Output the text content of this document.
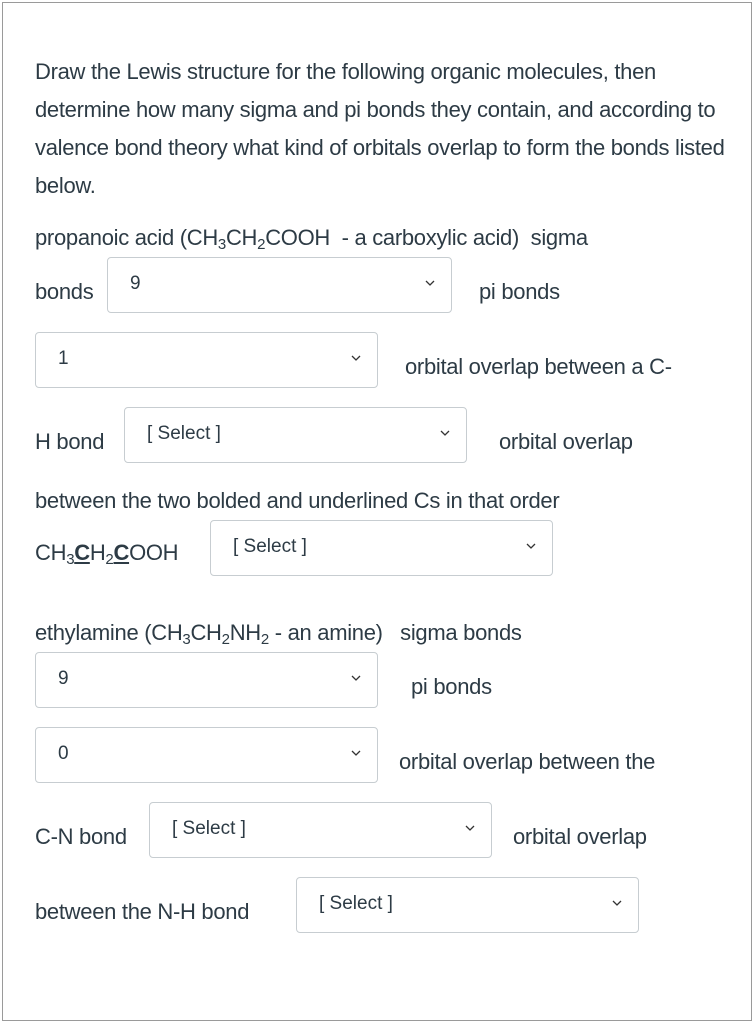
Draw the Lewis structure for the following organic molecules, then determine how many sigma and pi bonds they contain, and according to valence bond theory what kind of orbitals overlap to form the bonds listed below.
propanoic acid ($CH_3CH_2COOH$  - a carboxylic acid)  sigma
bonds 9	pi bonds
1	orbital overlap between a C-
H bond [ Select ]	orbital overlap
between the two bolded and underlined Cs in that order
$CH_3CH_2COOH$	[ Select ]
ethylamine ($CH_3CH_2NH_2$ - an amine)   sigma bonds
9	pi bonds
0	orbital overlap between the
C-N bond [ Select ]	orbital overlap
between the N-H bond	[ Select ]
